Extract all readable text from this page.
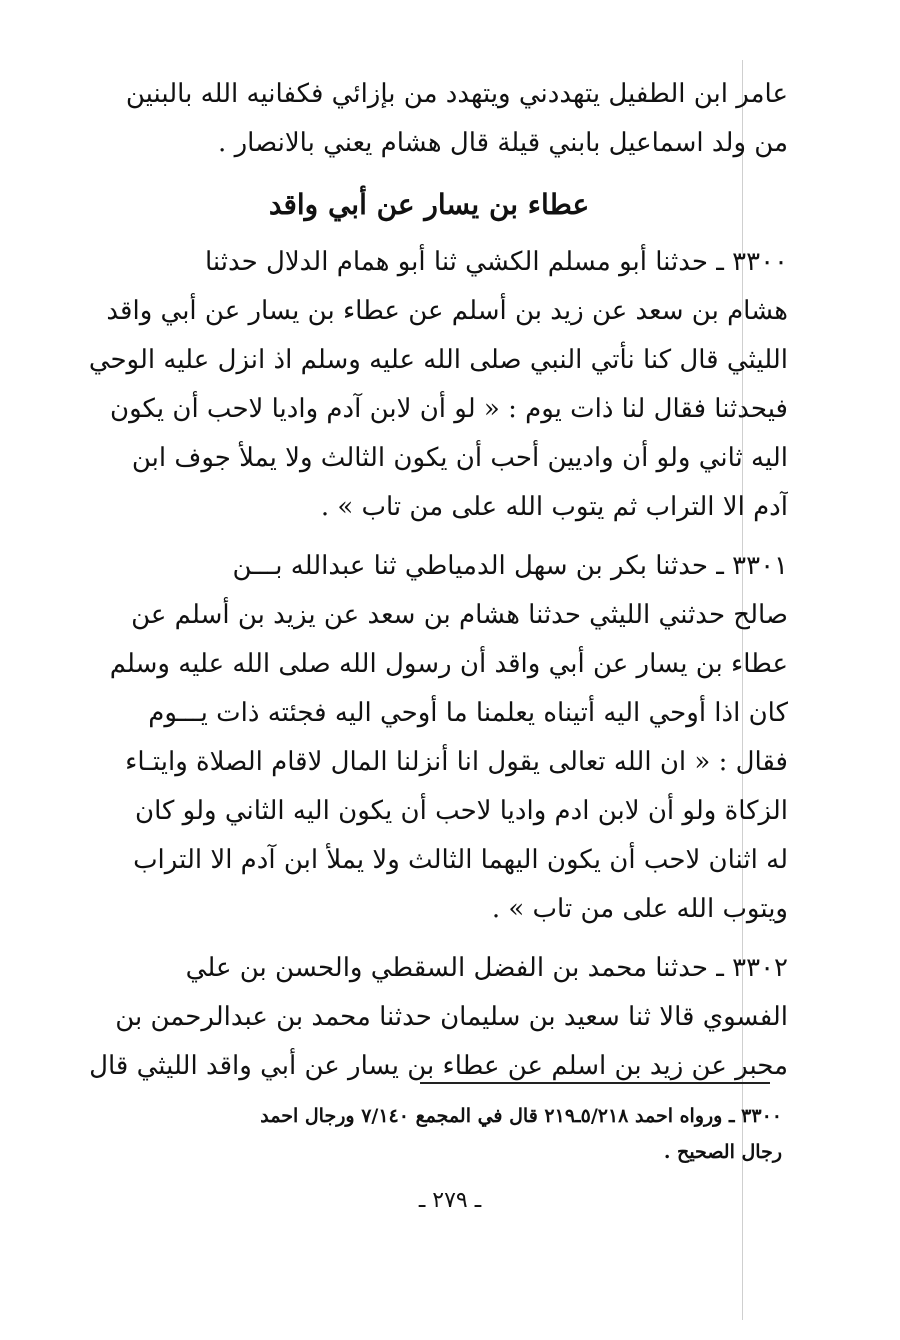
عامر ابن الطفيل يتهددني ويتهدد من بإزائي فكفانيه الله بالبنين
من ولد اسماعيل بابني قيلة قال هشام يعني بالانصار .
عطاء بن يسار عن أبي واقد
٣٣٠٠ ـ حدثنا أبو مسلم الكشي ثنا أبو همام الدلال حدثنا
هشام بن سعد عن زيد بن أسلم عن عطاء بن يسار عن أبي واقد
الليثي قال كنا نأتي النبي صلى الله عليه وسلم اذ انزل عليه الوحي
فيحدثنا فقال لنا ذات يوم : « لو أن لابن آدم واديا لاحب أن يكون
اليه ثاني ولو أن واديين أحب أن يكون الثالث ولا يملأ جوف ابن
آدم الا التراب ثم يتوب الله على من تاب » .
٣٣٠١ ـ حدثنا بكر بن سهل الدمياطي ثنا عبدالله بـــن
صالح حدثني الليثي حدثنا هشام بن سعد عن يزيد بن أسلم عن
عطاء بن يسار عن أبي واقد أن رسول الله صلى الله عليه وسلم
كان اذا أوحي اليه أتيناه يعلمنا ما أوحي اليه فجئته ذات يـــوم
فقال : « ان الله تعالى يقول انا أنزلنا المال لاقام الصلاة وايتـاء
الزكاة ولو أن لابن ادم واديا لاحب أن يكون اليه الثاني ولو كان
له اثنان لاحب أن يكون اليهما الثالث ولا يملأ ابن آدم الا التراب
ويتوب الله على من تاب » .
٣٣٠٢ ـ حدثنا محمد بن الفضل السقطي والحسن بن علي
الفسوي قالا ثنا سعيد بن سليمان حدثنا محمد بن عبدالرحمن بن
محبر عن زيد بن اسلم عن عطاء بن يسار عن أبي واقد الليثي قال
٣٣٠٠ ـ ورواه احمد ٥/٢١٨ـ٢١٩ قال في المجمع ٧/١٤٠ ورجال احمد
رجال الصحيح .
ـ ٢٧٩ ـ
